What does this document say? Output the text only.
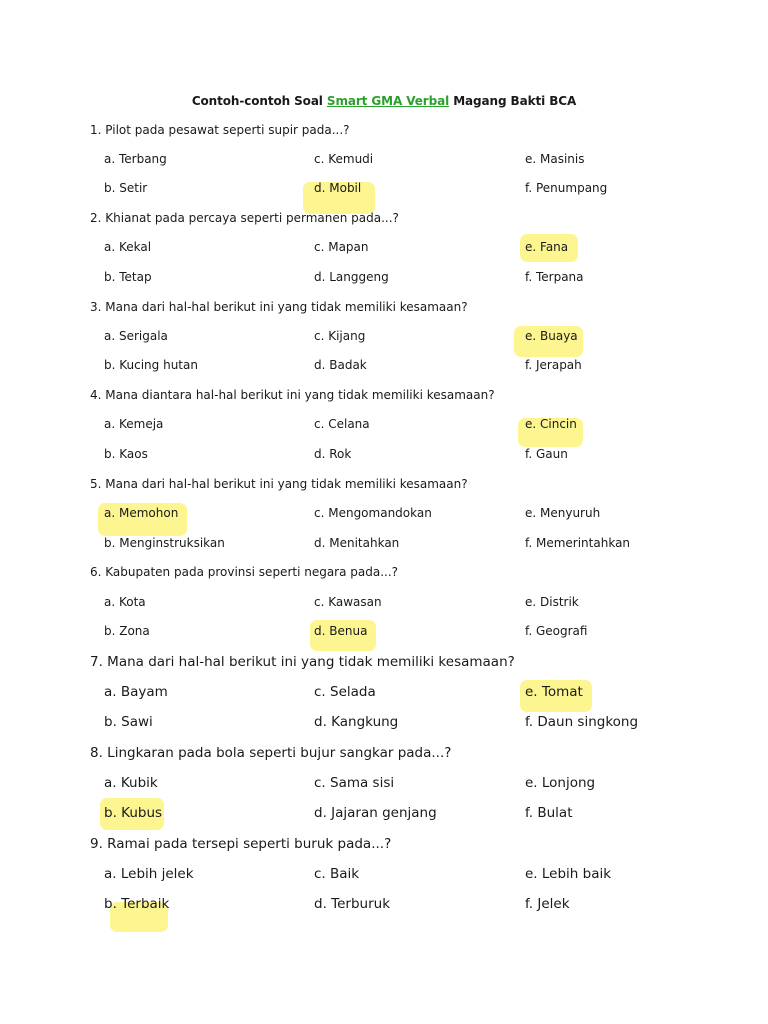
Contoh-contoh Soal Smart GMA Verbal Magang Bakti BCA
1. Pilot pada pesawat seperti supir pada...?
a. Terbang	c. Kemudi	e. Masinis
b. Setir	d. Mobil	f. Penumpang
2. Khianat pada percaya seperti permanen pada...?
a. Kekal	c. Mapan	e. Fana
b. Tetap	d. Langgeng	f. Terpana
3. Mana dari hal-hal berikut ini yang tidak memiliki kesamaan?
a. Serigala	c. Kijang	e. Buaya
b. Kucing hutan	d. Badak	f. Jerapah
4. Mana diantara hal-hal berikut ini yang tidak memiliki kesamaan?
a. Kemeja	c. Celana	e. Cincin
b. Kaos	d. Rok	f. Gaun
5. Mana dari hal-hal berikut ini yang tidak memiliki kesamaan?
a. Memohon	c. Mengomandokan	e. Menyuruh
b. Menginstruksikan	d. Menitahkan	f. Memerintahkan
6. Kabupaten pada provinsi seperti negara pada...?
a. Kota	c. Kawasan	e. Distrik
b. Zona	d. Benua	f. Geografi
7. Mana dari hal-hal berikut ini yang tidak memiliki kesamaan?
a. Bayam	c. Selada	e. Tomat
b. Sawi	d. Kangkung	f. Daun singkong
8. Lingkaran pada bola seperti bujur sangkar pada...?
a. Kubik	c. Sama sisi	e. Lonjong
b. Kubus	d. Jajaran genjang	f. Bulat
9. Ramai pada tersepi seperti buruk pada...?
a. Lebih jelek	c. Baik	e. Lebih baik
b. Terbaik	d. Terburuk	f. Jelek
